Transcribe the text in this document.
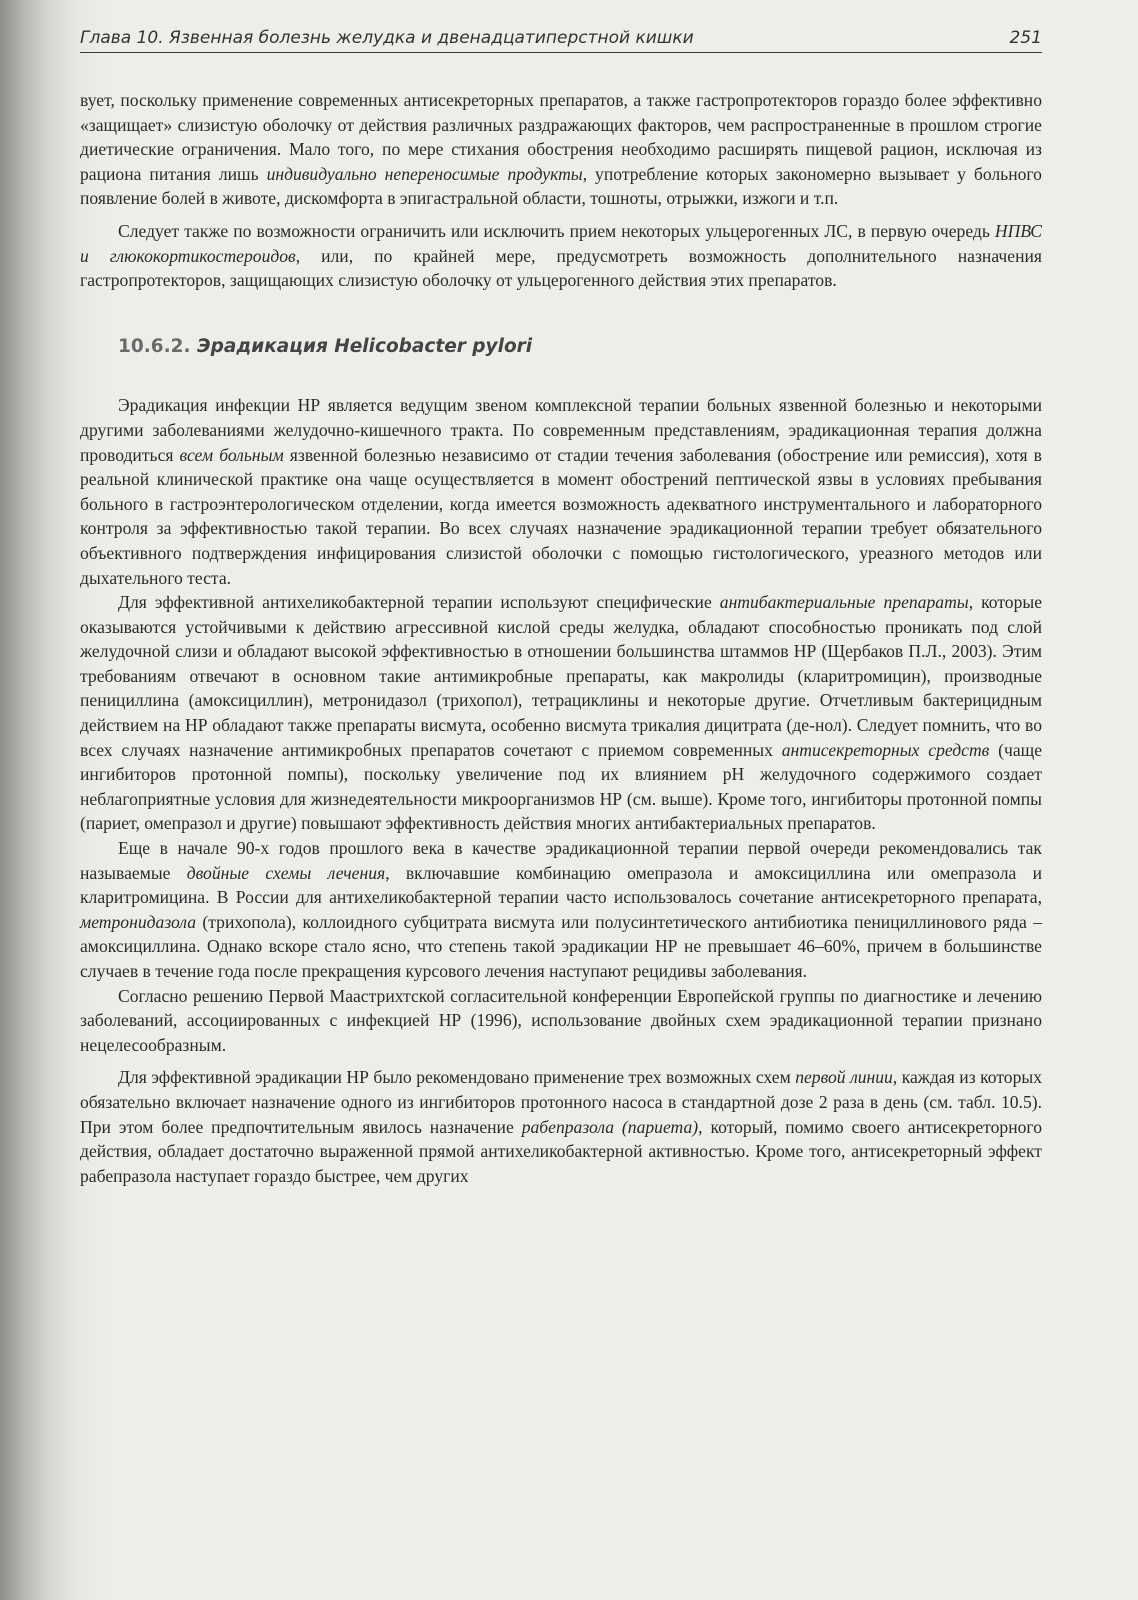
Глава 10. Язвенная болезнь желудка и двенадцатиперстной кишки	251

вует, поскольку применение современных антисекреторных препаратов, а также гастропротекторов гораздо более эффективно «защищает» слизистую оболочку от действия различных раздражающих факторов, чем распространенные в прошлом строгие диетические ограничения. Мало того, по мере стихания обострения необходимо расширять пищевой рацион, исключая из рациона питания лишь индивидуально непереносимые продукты, употребление которых закономерно вызывает у больного появление болей в животе, дискомфорта в эпигастральной области, тошноты, отрыжки, изжоги и т.п.

Следует также по возможности ограничить или исключить прием некоторых ульцерогенных ЛС, в первую очередь НПВС и глюкокортикостероидов, или, по крайней мере, предусмотреть возможность дополнительного назначения гастропротекторов, защищающих слизистую оболочку от ульцерогенного действия этих препаратов.

10.6.2. Эрадикация Helicobacter pylori

Эрадикация инфекции НР является ведущим звеном комплексной терапии больных язвенной болезнью и некоторыми другими заболеваниями желудочно-кишечного тракта. По современным представлениям, эрадикационная терапия должна проводиться всем больным язвенной болезнью независимо от стадии течения заболевания (обострение или ремиссия), хотя в реальной клинической практике она чаще осуществляется в момент обострений пептической язвы в условиях пребывания больного в гастроэнтерологическом отделении, когда имеется возможность адекватного инструментального и лабораторного контроля за эффективностью такой терапии. Во всех случаях назначение эрадикационной терапии требует обязательного объективного подтверждения инфицирования слизистой оболочки с помощью гистологического, уреазного методов или дыхательного теста.

Для эффективной антихеликобактерной терапии используют специфические антибактериальные препараты, которые оказываются устойчивыми к действию агрессивной кислой среды желудка, обладают способностью проникать под слой желудочной слизи и обладают высокой эффективностью в отношении большинства штаммов НР (Щербаков П.Л., 2003). Этим требованиям отвечают в основном такие антимикробные препараты, как макролиды (кларитромицин), производные пенициллина (амоксициллин), метронидазол (трихопол), тетрациклины и некоторые другие. Отчетливым бактерицидным действием на НР обладают также препараты висмута, особенно висмута трикалия дицитрата (де-нол). Следует помнить, что во всех случаях назначение антимикробных препаратов сочетают с приемом современных антисекреторных средств (чаще ингибиторов протонной помпы), поскольку увеличение под их влиянием pH желудочного содержимого создает неблагоприятные условия для жизнедеятельности микроорганизмов НР (см. выше). Кроме того, ингибиторы протонной помпы (париет, омепразол и другие) повышают эффективность действия многих антибактериальных препаратов.

Еще в начале 90-х годов прошлого века в качестве эрадикационной терапии первой очереди рекомендовались так называемые двойные схемы лечения, включавшие комбинацию омепразола и амоксициллина или омепразола и кларитромицина. В России для антихеликобактерной терапии часто использовалось сочетание антисекреторного препарата, метронидазола (трихопола), коллоидного субцитрата висмута или полусинтетического антибиотика пенициллинового ряда – амоксициллина. Однако вскоре стало ясно, что степень такой эрадикации НР не превышает 46–60%, причем в большинстве случаев в течение года после прекращения курсового лечения наступают рецидивы заболевания.

Согласно решению Первой Маастрихтской согласительной конференции Европейской группы по диагностике и лечению заболеваний, ассоциированных с инфекцией НР (1996), использование двойных схем эрадикационной терапии признано нецелесообразным.

Для эффективной эрадикации НР было рекомендовано применение трех возможных схем первой линии, каждая из которых обязательно включает назначение одного из ингибиторов протонного насоса в стандартной дозе 2 раза в день (см. табл. 10.5). При этом более предпочтительным явилось назначение рабепразола (париета), который, помимо своего антисекреторного действия, обладает достаточно выраженной прямой антихеликобактерной активностью. Кроме того, антисекреторный эффект рабепразола наступает гораздо быстрее, чем других
